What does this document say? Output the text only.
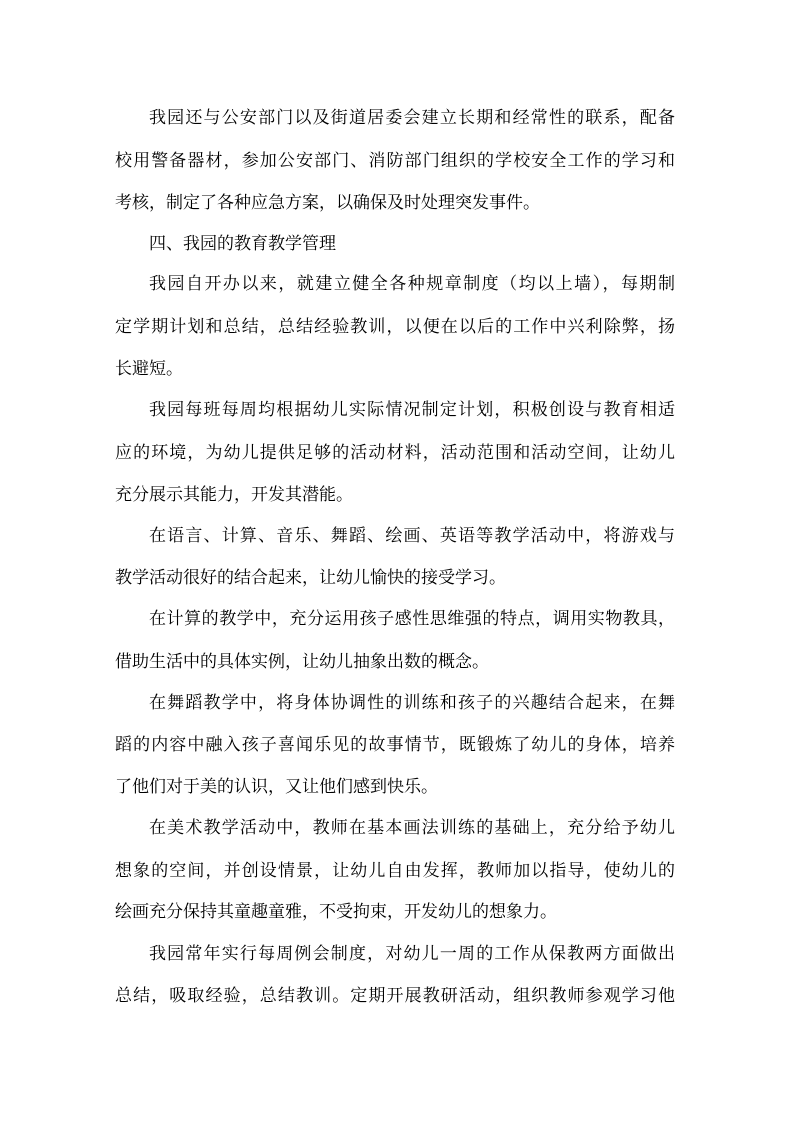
我园还与公安部门以及街道居委会建立长期和经常性的联系，配备
校用警备器材，参加公安部门、消防部门组织的学校安全工作的学习和
考核，制定了各种应急方案，以确保及时处理突发事件。
四、我园的教育教学管理
我园自开办以来，就建立健全各种规章制度（均以上墙），每期制
定学期计划和总结，总结经验教训，以便在以后的工作中兴利除弊，扬
长避短。
我园每班每周均根据幼儿实际情况制定计划，积极创设与教育相适
应的环境，为幼儿提供足够的活动材料，活动范围和活动空间，让幼儿
充分展示其能力，开发其潜能。
在语言、计算、音乐、舞蹈、绘画、英语等教学活动中，将游戏与
教学活动很好的结合起来，让幼儿愉快的接受学习。
在计算的教学中，充分运用孩子感性思维强的特点，调用实物教具，
借助生活中的具体实例，让幼儿抽象出数的概念。
在舞蹈教学中，将身体协调性的训练和孩子的兴趣结合起来，在舞
蹈的内容中融入孩子喜闻乐见的故事情节，既锻炼了幼儿的身体，培养
了他们对于美的认识，又让他们感到快乐。
在美术教学活动中，教师在基本画法训练的基础上，充分给予幼儿
想象的空间，并创设情景，让幼儿自由发挥，教师加以指导，使幼儿的
绘画充分保持其童趣童雅，不受拘束，开发幼儿的想象力。
我园常年实行每周例会制度，对幼儿一周的工作从保教两方面做出
总结，吸取经验，总结教训。定期开展教研活动，组织教师参观学习他
